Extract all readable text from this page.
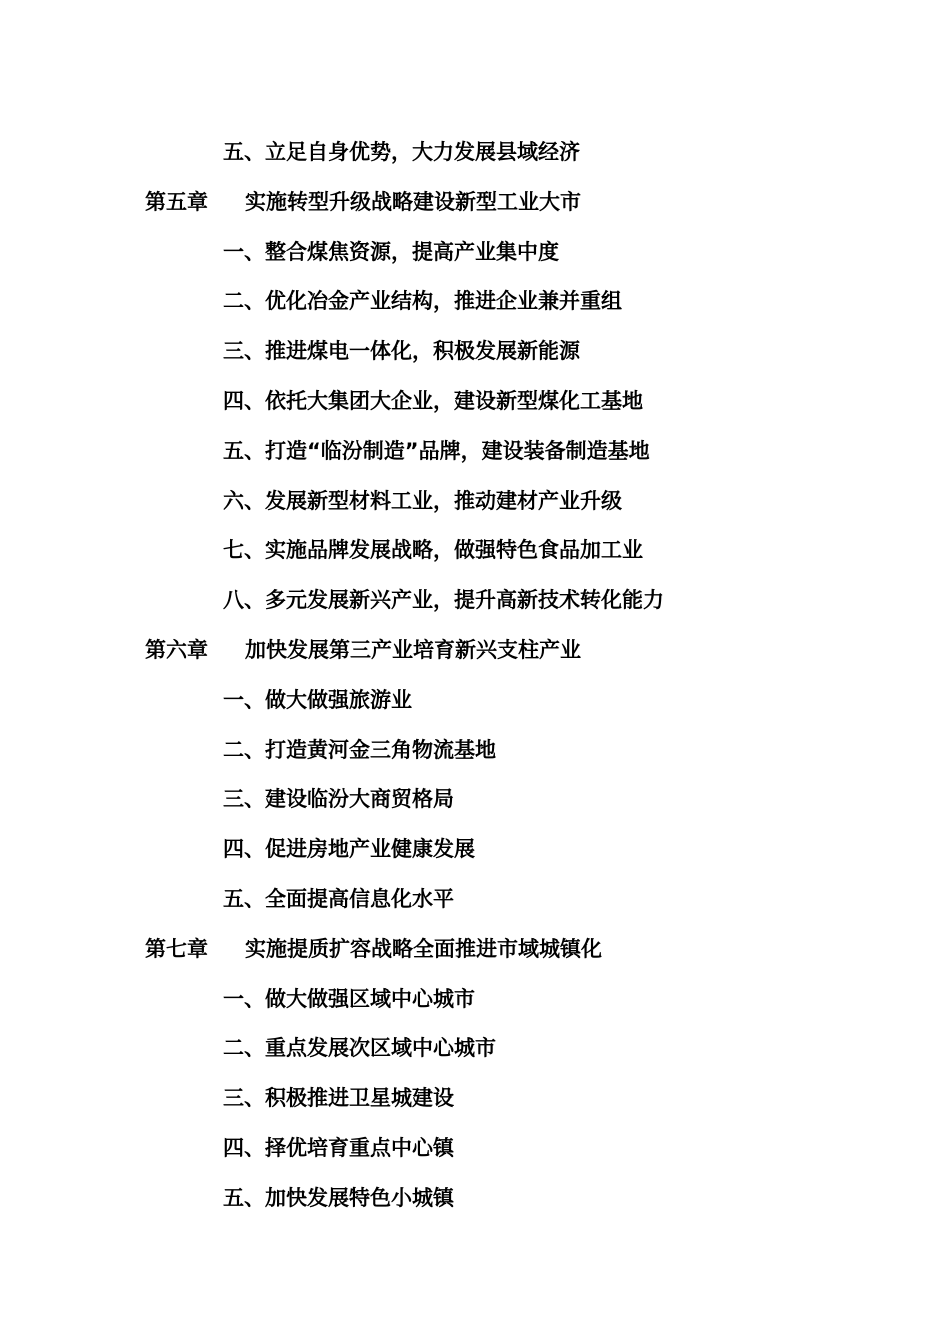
五、立足自身优势，大力发展县域经济
第五章 实施转型升级战略建设新型工业大市
一、整合煤焦资源，提高产业集中度
二、优化冶金产业结构，推进企业兼并重组
三、推进煤电一体化，积极发展新能源
四、依托大集团大企业，建设新型煤化工基地
五、打造“临汾制造”品牌，建设装备制造基地
六、发展新型材料工业，推动建材产业升级
七、实施品牌发展战略，做强特色食品加工业
八、多元发展新兴产业，提升高新技术转化能力
第六章 加快发展第三产业培育新兴支柱产业
一、做大做强旅游业
二、打造黄河金三角物流基地
三、建设临汾大商贸格局
四、促进房地产业健康发展
五、全面提高信息化水平
第七章 实施提质扩容战略全面推进市域城镇化
一、做大做强区域中心城市
二、重点发展次区域中心城市
三、积极推进卫星城建设
四、择优培育重点中心镇
五、加快发展特色小城镇
